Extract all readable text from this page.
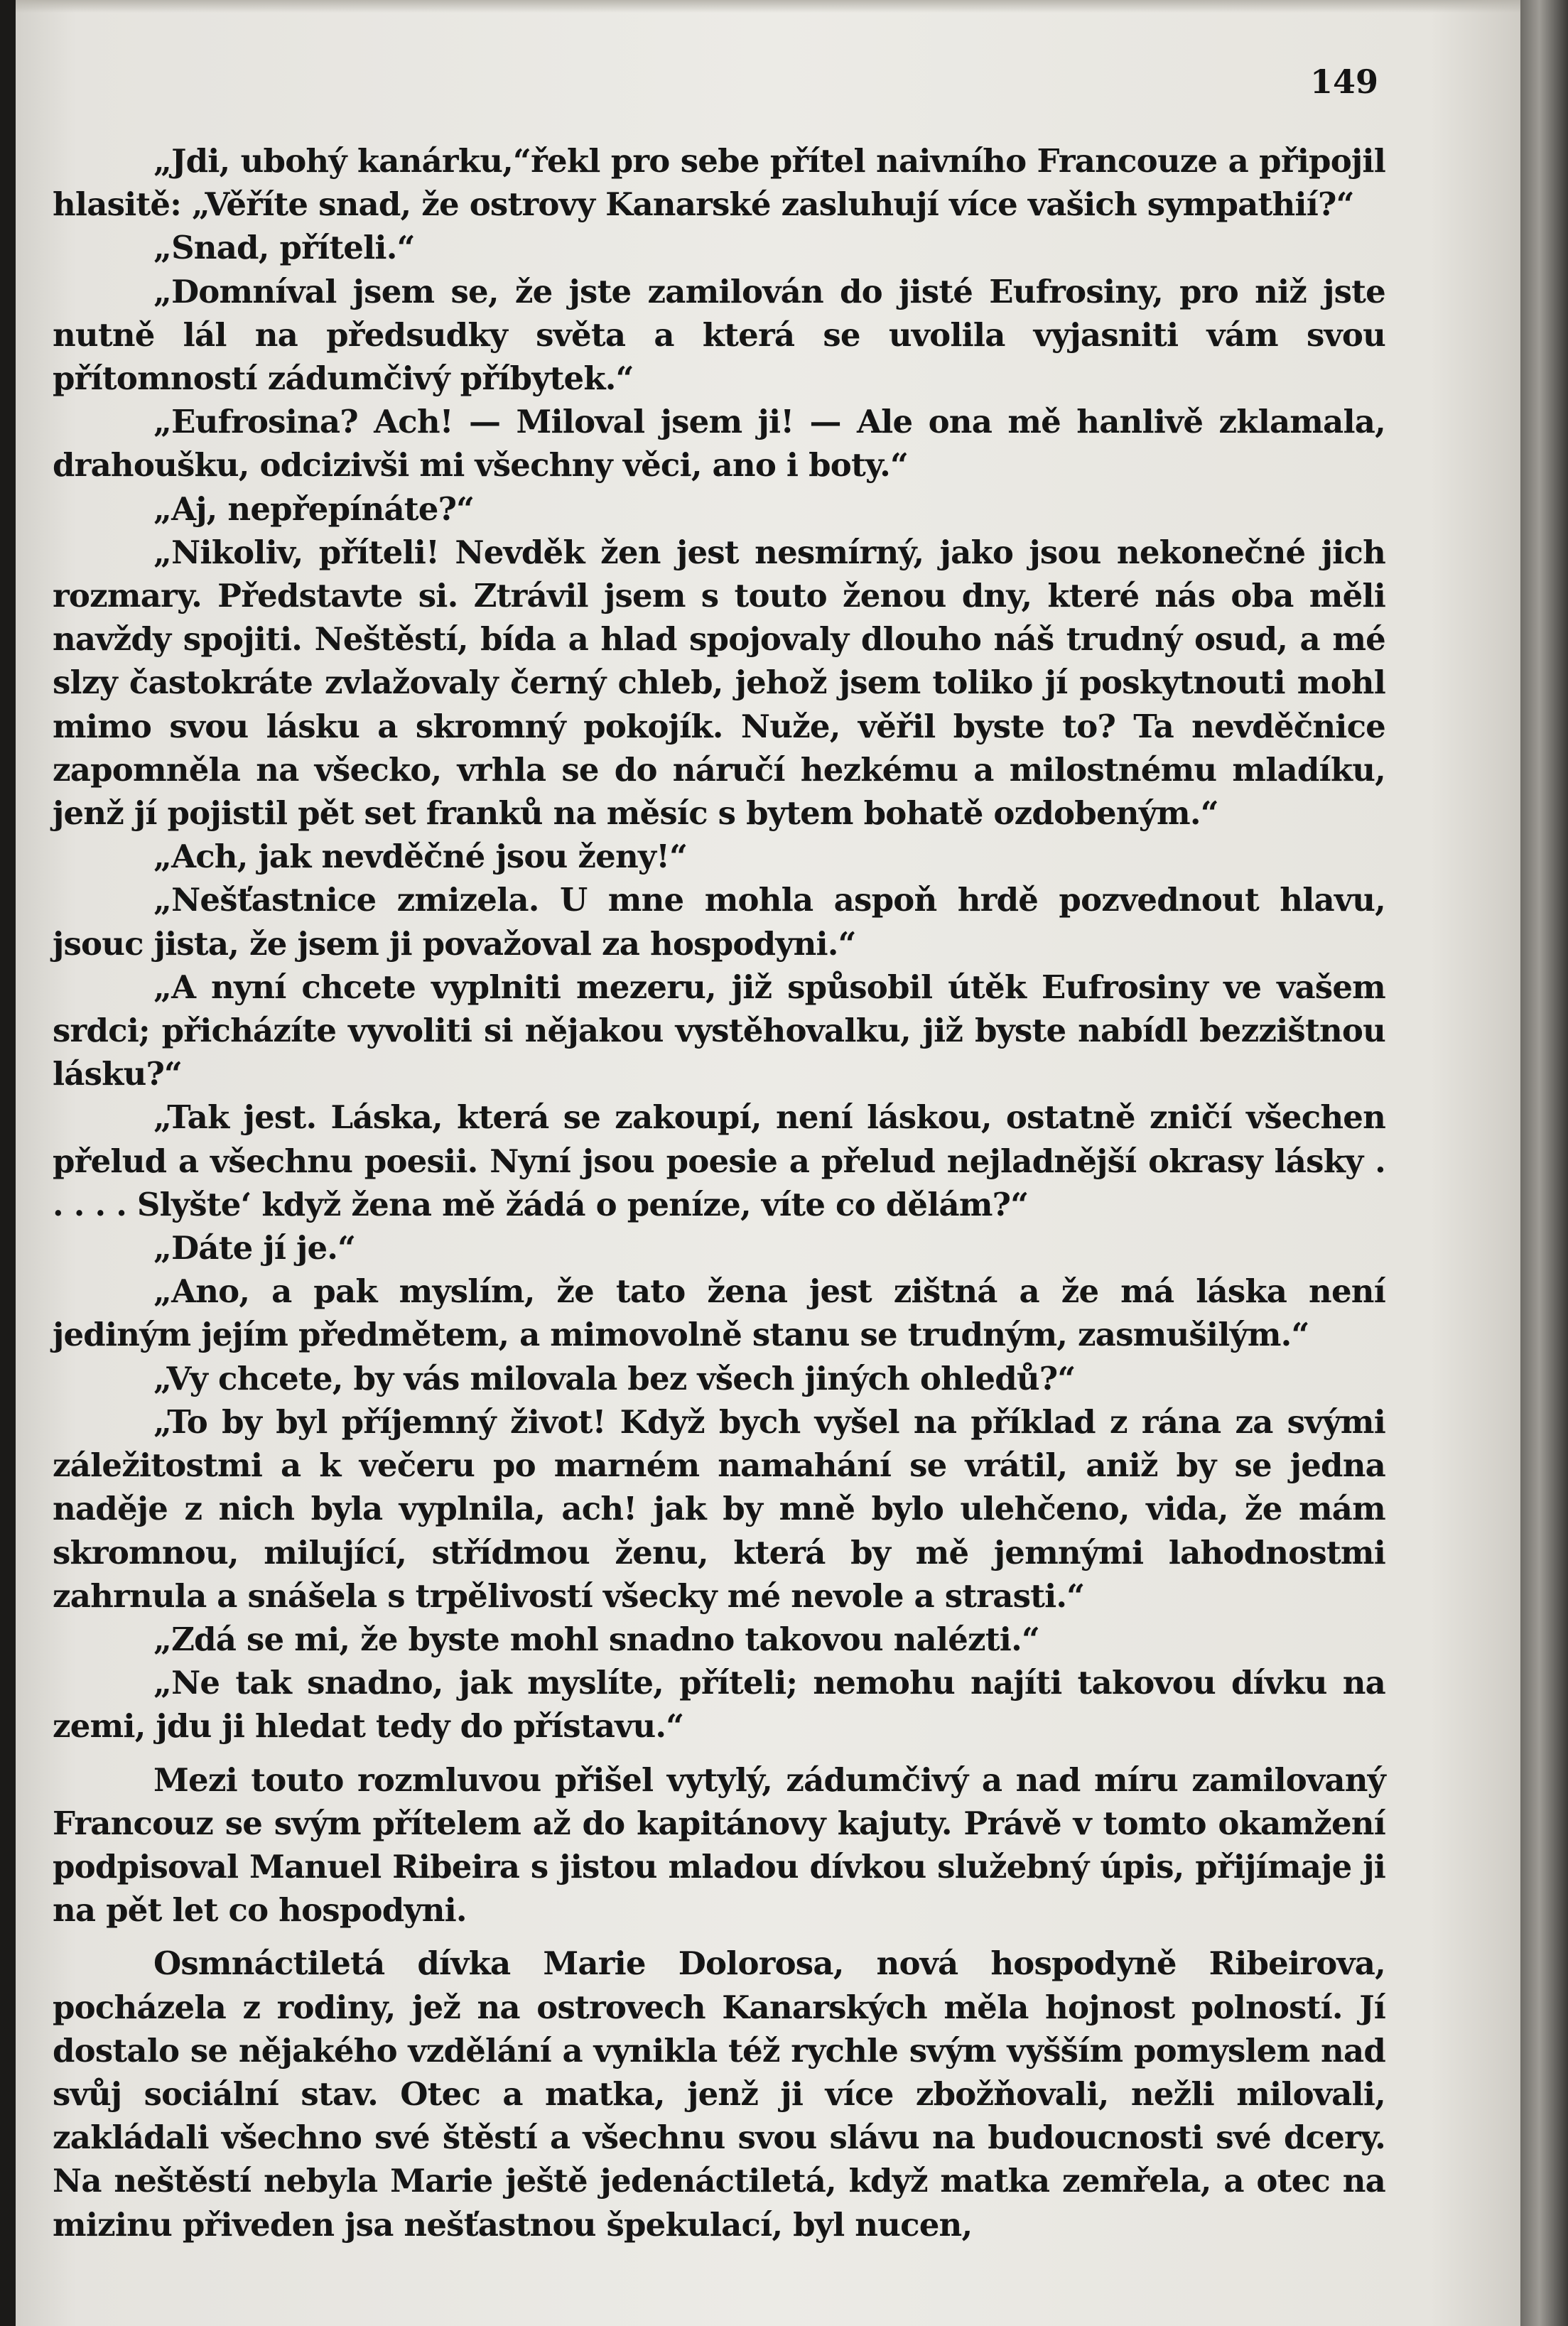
149

„Jdi, ubohý kanárku,“řekl pro sebe přítel naivního Francouze a připojil hlasitě: „Věříte snad, že ostrovy Kanarské zasluhují více vašich sympathií?“

„Snad, příteli.“

„Domníval jsem se, že jste zamilován do jisté Eufrosiny, pro niž jste nutně lál na předsudky světa a která se uvolila vyjasniti vám svou přítomností zádumčivý příbytek.“

„Eufrosina? Ach! — Miloval jsem ji! — Ale ona mě hanlivě zklamala, drahoušku, odcizivši mi všechny věci, ano i boty.“

„Aj, nepřepínáte?“

„Nikoliv, příteli! Nevděk žen jest nesmírný, jako jsou nekonečné jich rozmary. Představte si. Ztrávil jsem s touto ženou dny, které nás oba měli navždy spojiti. Neštěstí, bída a hlad spojovaly dlouho náš trudný osud, a mé slzy častokráte zvlažovaly černý chleb, jehož jsem toliko jí poskytnouti mohl mimo svou lásku a skromný pokojík. Nuže, věřil byste to? Ta nevděčnice zapomněla na všecko, vrhla se do náručí hezkému a milostnému mladíku, jenž jí pojistil pět set franků na měsíc s bytem bohatě ozdobeným.“

„Ach, jak nevděčné jsou ženy!“

„Nešťastnice zmizela. U mne mohla aspoň hrdě pozvednout hlavu, jsouc jista, že jsem ji považoval za hospodyni.“

„A nyní chcete vyplniti mezeru, již spůsobil útěk Eufrosiny ve vašem srdci; přicházíte vyvoliti si nějakou vystěhovalku, již byste nabídl bezzištnou lásku?“

„Tak jest. Láska, která se zakoupí, není láskou, ostatně zničí všechen přelud a všechnu poesii. Nyní jsou poesie a přelud nejladnější okrasy lásky . . . . . Slyšte‘ když žena mě žádá o peníze, víte co dělám?“

„Dáte jí je.“

„Ano, a pak myslím, že tato žena jest zištná a že má láska není jediným jejím předmětem, a mimovolně stanu se trudným, zasmušilým.“

„Vy chcete, by vás milovala bez všech jiných ohledů?“

„To by byl příjemný život! Když bych vyšel na příklad z rána za svými záležitostmi a k večeru po marném namahání se vrátil, aniž by se jedna naděje z nich byla vyplnila, ach! jak by mně bylo ulehčeno, vida, že mám skromnou, milující, střídmou ženu, která by mě jemnými lahodnostmi zahrnula a snášela s trpělivostí všecky mé nevole a strasti.“

„Zdá se mi, že byste mohl snadno takovou nalézti.“

„Ne tak snadno, jak myslíte, příteli; nemohu najíti takovou dívku na zemi, jdu ji hledat tedy do přístavu.“

Mezi touto rozmluvou přišel vytylý, zádumčivý a nad míru zamilovaný Francouz se svým přítelem až do kapitánovy kajuty. Právě v tomto okamžení podpisoval Manuel Ribeira s jistou mladou dívkou služebný úpis, přijímaje ji na pět let co hospodyni.

Osmnáctiletá dívka Marie Dolorosa, nová hospodyně Ribeirova, pocházela z rodiny, jež na ostrovech Kanarských měla hojnost polností. Jí dostalo se nějakého vzdělání a vynikla též rychle svým vyšším pomyslem nad svůj sociální stav. Otec a matka, jenž ji více zbožňovali, nežli milovali, zakládali všechno své štěstí a všechnu svou slávu na budoucnosti své dcery. Na neštěstí nebyla Marie ještě jedenáctiletá, když matka zemřela, a otec na mizinu přiveden jsa nešťastnou špekulací, byl nucen,
